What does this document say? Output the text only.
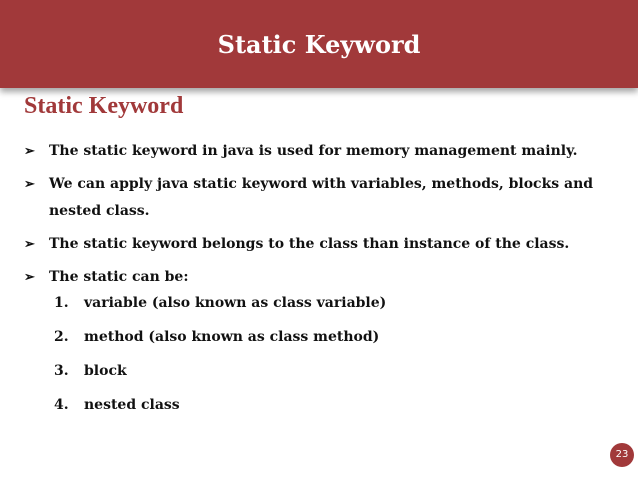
Static Keyword
Static Keyword
➢ The static keyword in java is used for memory management mainly.
➢ We can apply java static keyword with variables, methods, blocks and nested class.
➢ The static keyword belongs to the class than instance of the class.
➢ The static can be:
1. variable (also known as class variable)
2. method (also known as class method)
3. block
4. nested class
23
